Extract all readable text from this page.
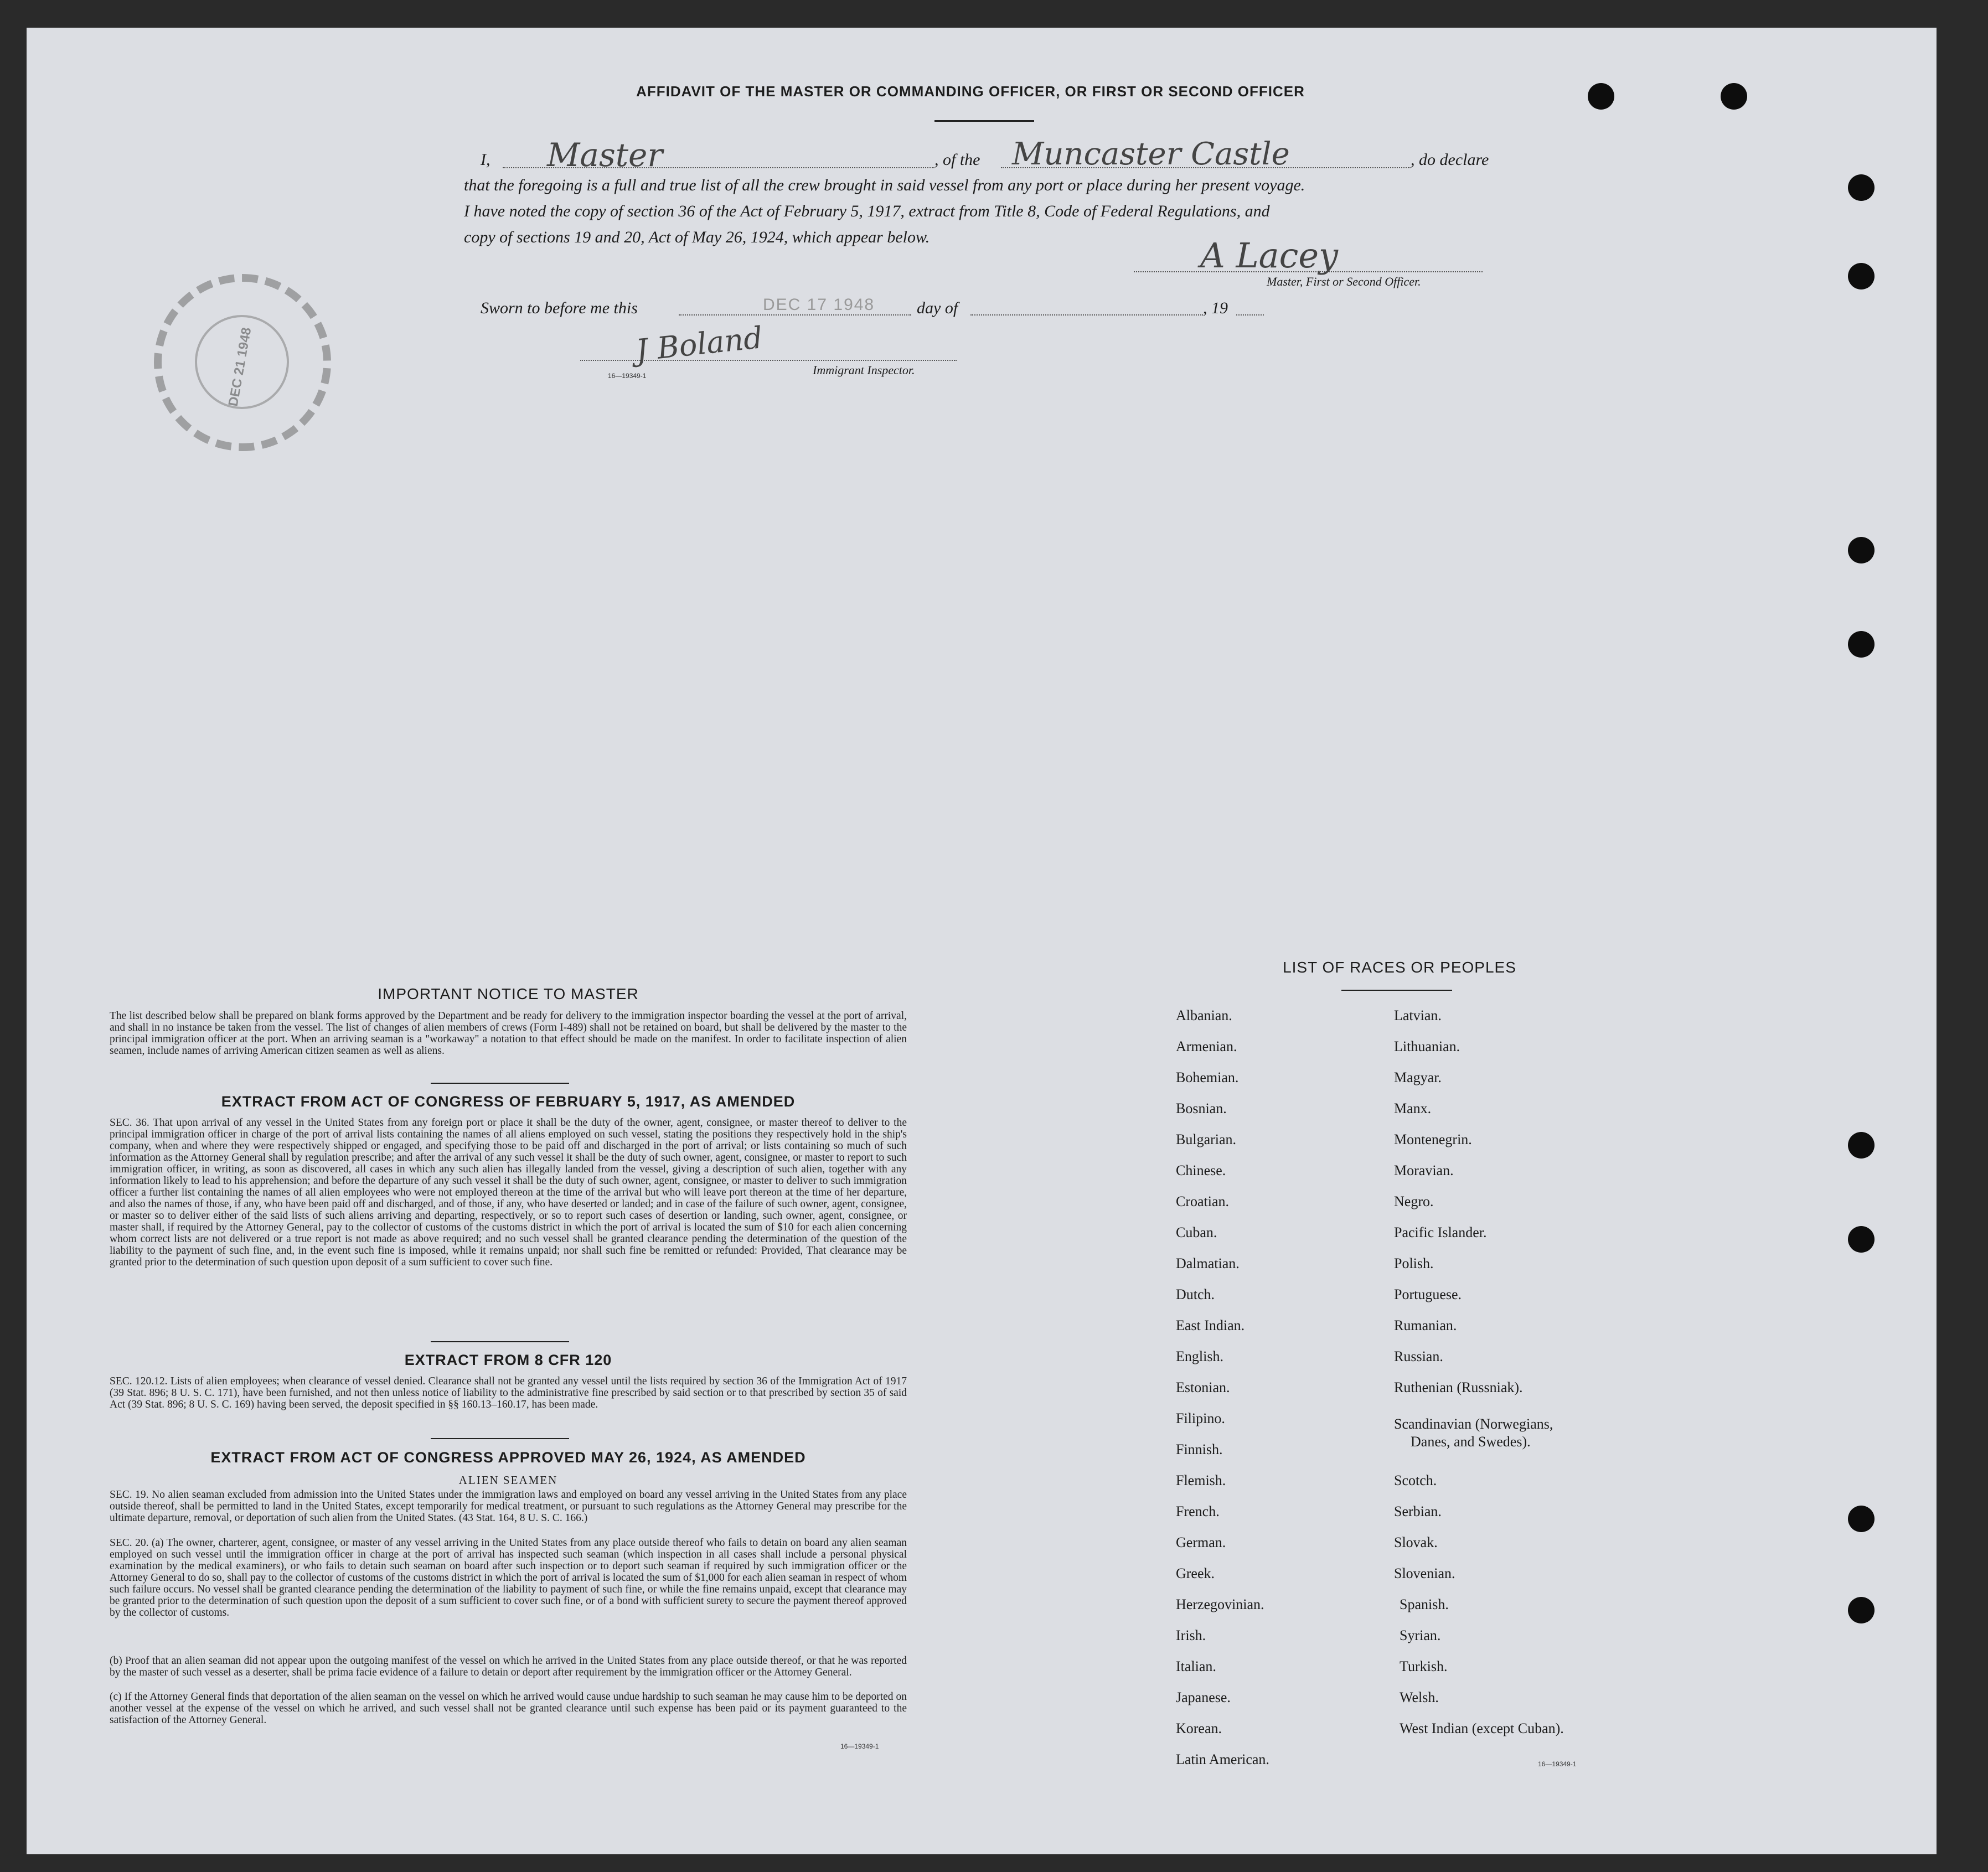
AFFIDAVIT OF THE MASTER OR COMMANDING OFFICER, OR FIRST OR SECOND OFFICER
I, Master	, of the Muncaster Castle	, do declare
that the foregoing is a full and true list of all the crew brought in said vessel from any port or place during her present voyage.
I have noted the copy of section 36 of the Act of February 5, 1917, extract from Title 8, Code of Federal Regulations, and
copy of sections 19 and 20, Act of May 26, 1924, which appear below.	A Lacey
Master, First or Second Officer.
Sworn to before me this	DEC 17 1948	day of	, 19
J Boland
16—19349-1	Immigrant Inspector.
DEC 21 1948
IMPORTANT NOTICE TO MASTER
The list described below shall be prepared on blank forms approved by the Department and be ready for delivery to the immigration inspector boarding the vessel at the port of arrival, and shall in no instance be taken from the vessel. The list of changes of alien members of crews (Form I-489) shall not be retained on board, but shall be delivered by the master to the principal immigration officer at the port. When an arriving seaman is a "workaway" a notation to that effect should be made on the manifest. In order to facilitate inspection of alien seamen, include names of arriving American citizen seamen as well as aliens.
EXTRACT FROM ACT OF CONGRESS OF FEBRUARY 5, 1917, AS AMENDED
SEC. 36. That upon arrival of any vessel in the United States from any foreign port or place it shall be the duty of the owner, agent, consignee, or master thereof to deliver to the principal immigration officer in charge of the port of arrival lists containing the names of all aliens employed on such vessel, stating the positions they respectively hold in the ship's company, when and where they were respectively shipped or engaged, and specifying those to be paid off and discharged in the port of arrival; or lists containing so much of such information as the Attorney General shall by regulation prescribe; and after the arrival of any such vessel it shall be the duty of such owner, agent, consignee, or master to report to such immigration officer, in writing, as soon as discovered, all cases in which any such alien has illegally landed from the vessel, giving a description of such alien, together with any information likely to lead to his apprehension; and before the departure of any such vessel it shall be the duty of such owner, agent, consignee, or master to deliver to such immigration officer a further list containing the names of all alien employees who were not employed thereon at the time of the arrival but who will leave port thereon at the time of her departure, and also the names of those, if any, who have been paid off and discharged, and of those, if any, who have deserted or landed; and in case of the failure of such owner, agent, consignee, or master so to deliver either of the said lists of such aliens arriving and departing, respectively, or so to report such cases of desertion or landing, such owner, agent, consignee, or master shall, if required by the Attorney General, pay to the collector of customs of the customs district in which the port of arrival is located the sum of $10 for each alien concerning whom correct lists are not delivered or a true report is not made as above required; and no such vessel shall be granted clearance pending the determination of the question of the liability to the payment of such fine, and, in the event such fine is imposed, while it remains unpaid; nor shall such fine be remitted or refunded: Provided, That clearance may be granted prior to the determination of such question upon deposit of a sum sufficient to cover such fine.
EXTRACT FROM 8 CFR 120
SEC. 120.12. Lists of alien employees; when clearance of vessel denied. Clearance shall not be granted any vessel until the lists required by section 36 of the Immigration Act of 1917 (39 Stat. 896; 8 U. S. C. 171), have been furnished, and not then unless notice of liability to the administrative fine prescribed by said section or to that prescribed by section 35 of said Act (39 Stat. 896; 8 U. S. C. 169) having been served, the deposit specified in §§ 160.13–160.17, has been made.
EXTRACT FROM ACT OF CONGRESS APPROVED MAY 26, 1924, AS AMENDED
ALIEN SEAMEN
SEC. 19. No alien seaman excluded from admission into the United States under the immigration laws and employed on board any vessel arriving in the United States from any place outside thereof, shall be permitted to land in the United States, except temporarily for medical treatment, or pursuant to such regulations as the Attorney General may prescribe for the ultimate departure, removal, or deportation of such alien from the United States. (43 Stat. 164, 8 U. S. C. 166.)
SEC. 20. (a) The owner, charterer, agent, consignee, or master of any vessel arriving in the United States from any place outside thereof who fails to detain on board any alien seaman employed on such vessel until the immigration officer in charge at the port of arrival has inspected such seaman (which inspection in all cases shall include a personal physical examination by the medical examiners), or who fails to detain such seaman on board after such inspection or to deport such seaman if required by such immigration officer or the Attorney General to do so, shall pay to the collector of customs of the customs district in which the port of arrival is located the sum of $1,000 for each alien seaman in respect of whom such failure occurs. No vessel shall be granted clearance pending the determination of the liability to payment of such fine, or while the fine remains unpaid, except that clearance may be granted prior to the determination of such question upon the deposit of a sum sufficient to cover such fine, or of a bond with sufficient surety to secure the payment thereof approved by the collector of customs.
(b) Proof that an alien seaman did not appear upon the outgoing manifest of the vessel on which he arrived in the United States from any place outside thereof, or that he was reported by the master of such vessel as a deserter, shall be prima facie evidence of a failure to detain or deport after requirement by the immigration officer or the Attorney General.
(c) If the Attorney General finds that deportation of the alien seaman on the vessel on which he arrived would cause undue hardship to such seaman he may cause him to be deported on another vessel at the expense of the vessel on which he arrived, and such vessel shall not be granted clearance until such expense has been paid or its payment guaranteed to the satisfaction of the Attorney General.
16—19349-1
LIST OF RACES OR PEOPLES
Albanian.
Armenian.
Bohemian.
Bosnian.
Bulgarian.
Chinese.
Croatian.
Cuban.
Dalmatian.
Dutch.
East Indian.
English.
Estonian.
Filipino.
Finnish.
Flemish.
French.
German.
Greek.
Herzegovinian.
Irish.
Italian.
Japanese.
Korean.
Latin American.
Latvian.
Lithuanian.
Magyar.
Manx.
Montenegrin.
Moravian.
Negro.
Pacific Islander.
Polish.
Portuguese.
Rumanian.
Russian.
Ruthenian (Russniak).
Scandinavian (Norwegians,
Danes, and Swedes).
Scotch.
Serbian.
Slovak.
Slovenian.
Spanish.
Syrian.
Turkish.
Welsh.
West Indian (except Cuban).
16—19349-1
